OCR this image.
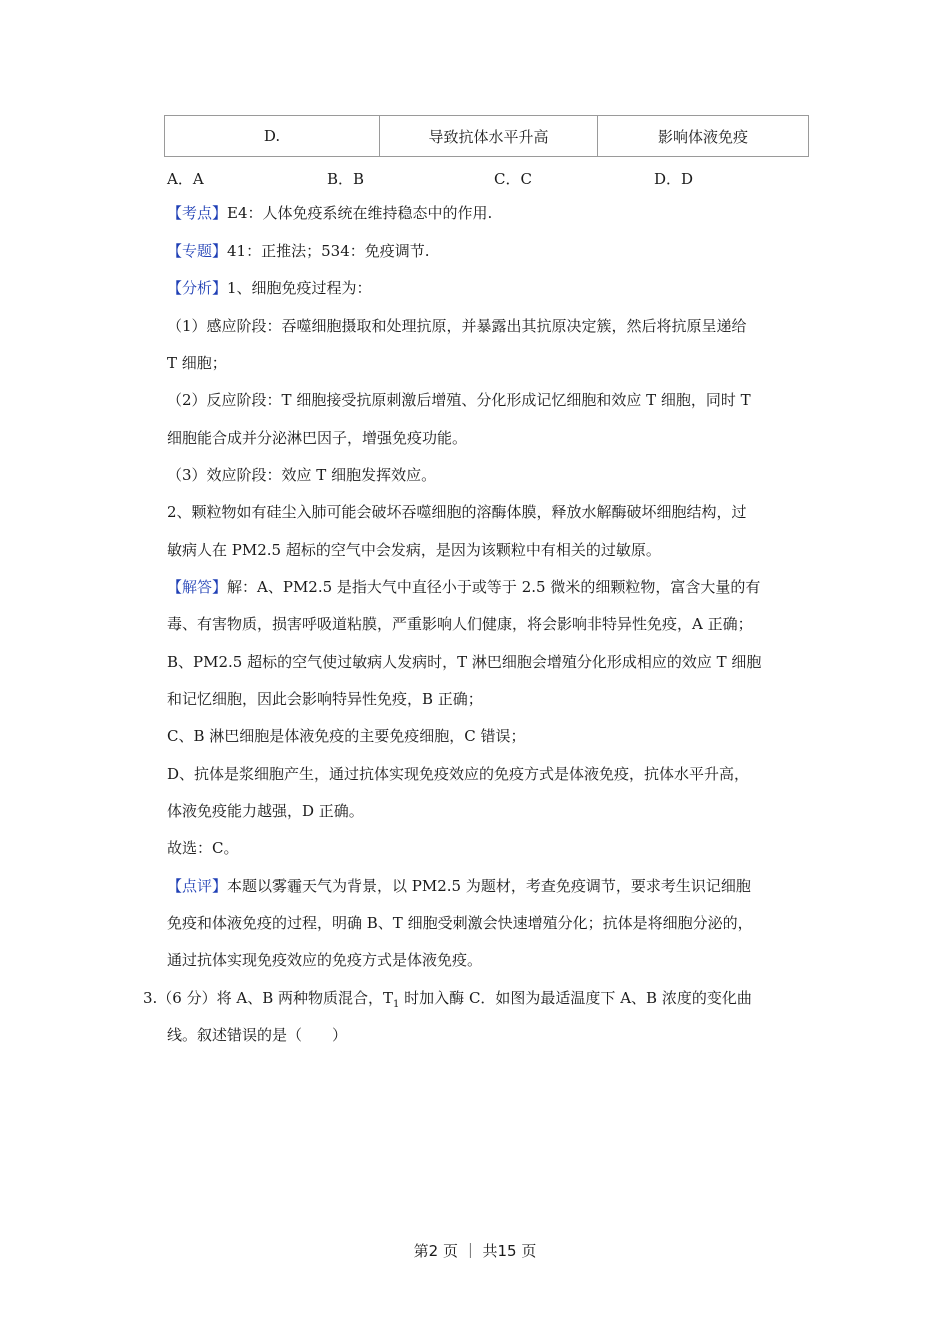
D.	导致抗体水平升高	影响体液免疫
A．A	B．B	C．C	D．D
【考点】E4：人体免疫系统在维持稳态中的作用.
【专题】41：正推法；534：免疫调节.
【分析】1、细胞免疫过程为：
（1）感应阶段：吞噬细胞摄取和处理抗原，并暴露出其抗原决定簇，然后将抗原呈递给
T 细胞；
（2）反应阶段：T 细胞接受抗原刺激后增殖、分化形成记忆细胞和效应 T 细胞，同时 T
细胞能合成并分泌淋巴因子，增强免疫功能。
（3）效应阶段：效应 T 细胞发挥效应。
2、颗粒物如有硅尘入肺可能会破坏吞噬细胞的溶酶体膜，释放水解酶破坏细胞结构，过
敏病人在 PM2.5 超标的空气中会发病，是因为该颗粒中有相关的过敏原。
【解答】解：A、PM2.5 是指大气中直径小于或等于 2.5 微米的细颗粒物，富含大量的有
毒、有害物质，损害呼吸道粘膜，严重影响人们健康，将会影响非特异性免疫，A 正确；
B、PM2.5 超标的空气使过敏病人发病时，T 淋巴细胞会增殖分化形成相应的效应 T 细胞
和记忆细胞，因此会影响特异性免疫，B 正确；
C、B 淋巴细胞是体液免疫的主要免疫细胞，C 错误；
D、抗体是浆细胞产生，通过抗体实现免疫效应的免疫方式是体液免疫，抗体水平升高，
体液免疫能力越强，D 正确。
故选：C。
【点评】本题以雾霾天气为背景，以 PM2.5 为题材，考查免疫调节，要求考生识记细胞
免疫和体液免疫的过程，明确 B、T 细胞受刺激会快速增殖分化；抗体是将细胞分泌的，
通过抗体实现免疫效应的免疫方式是体液免疫。
3.（6 分）将 A、B 两种物质混合，$T_1$ 时加入酶 C．如图为最适温度下 A、B 浓度的变化曲
线。叙述错误的是（　　）
第2 页 ｜ 共15 页
